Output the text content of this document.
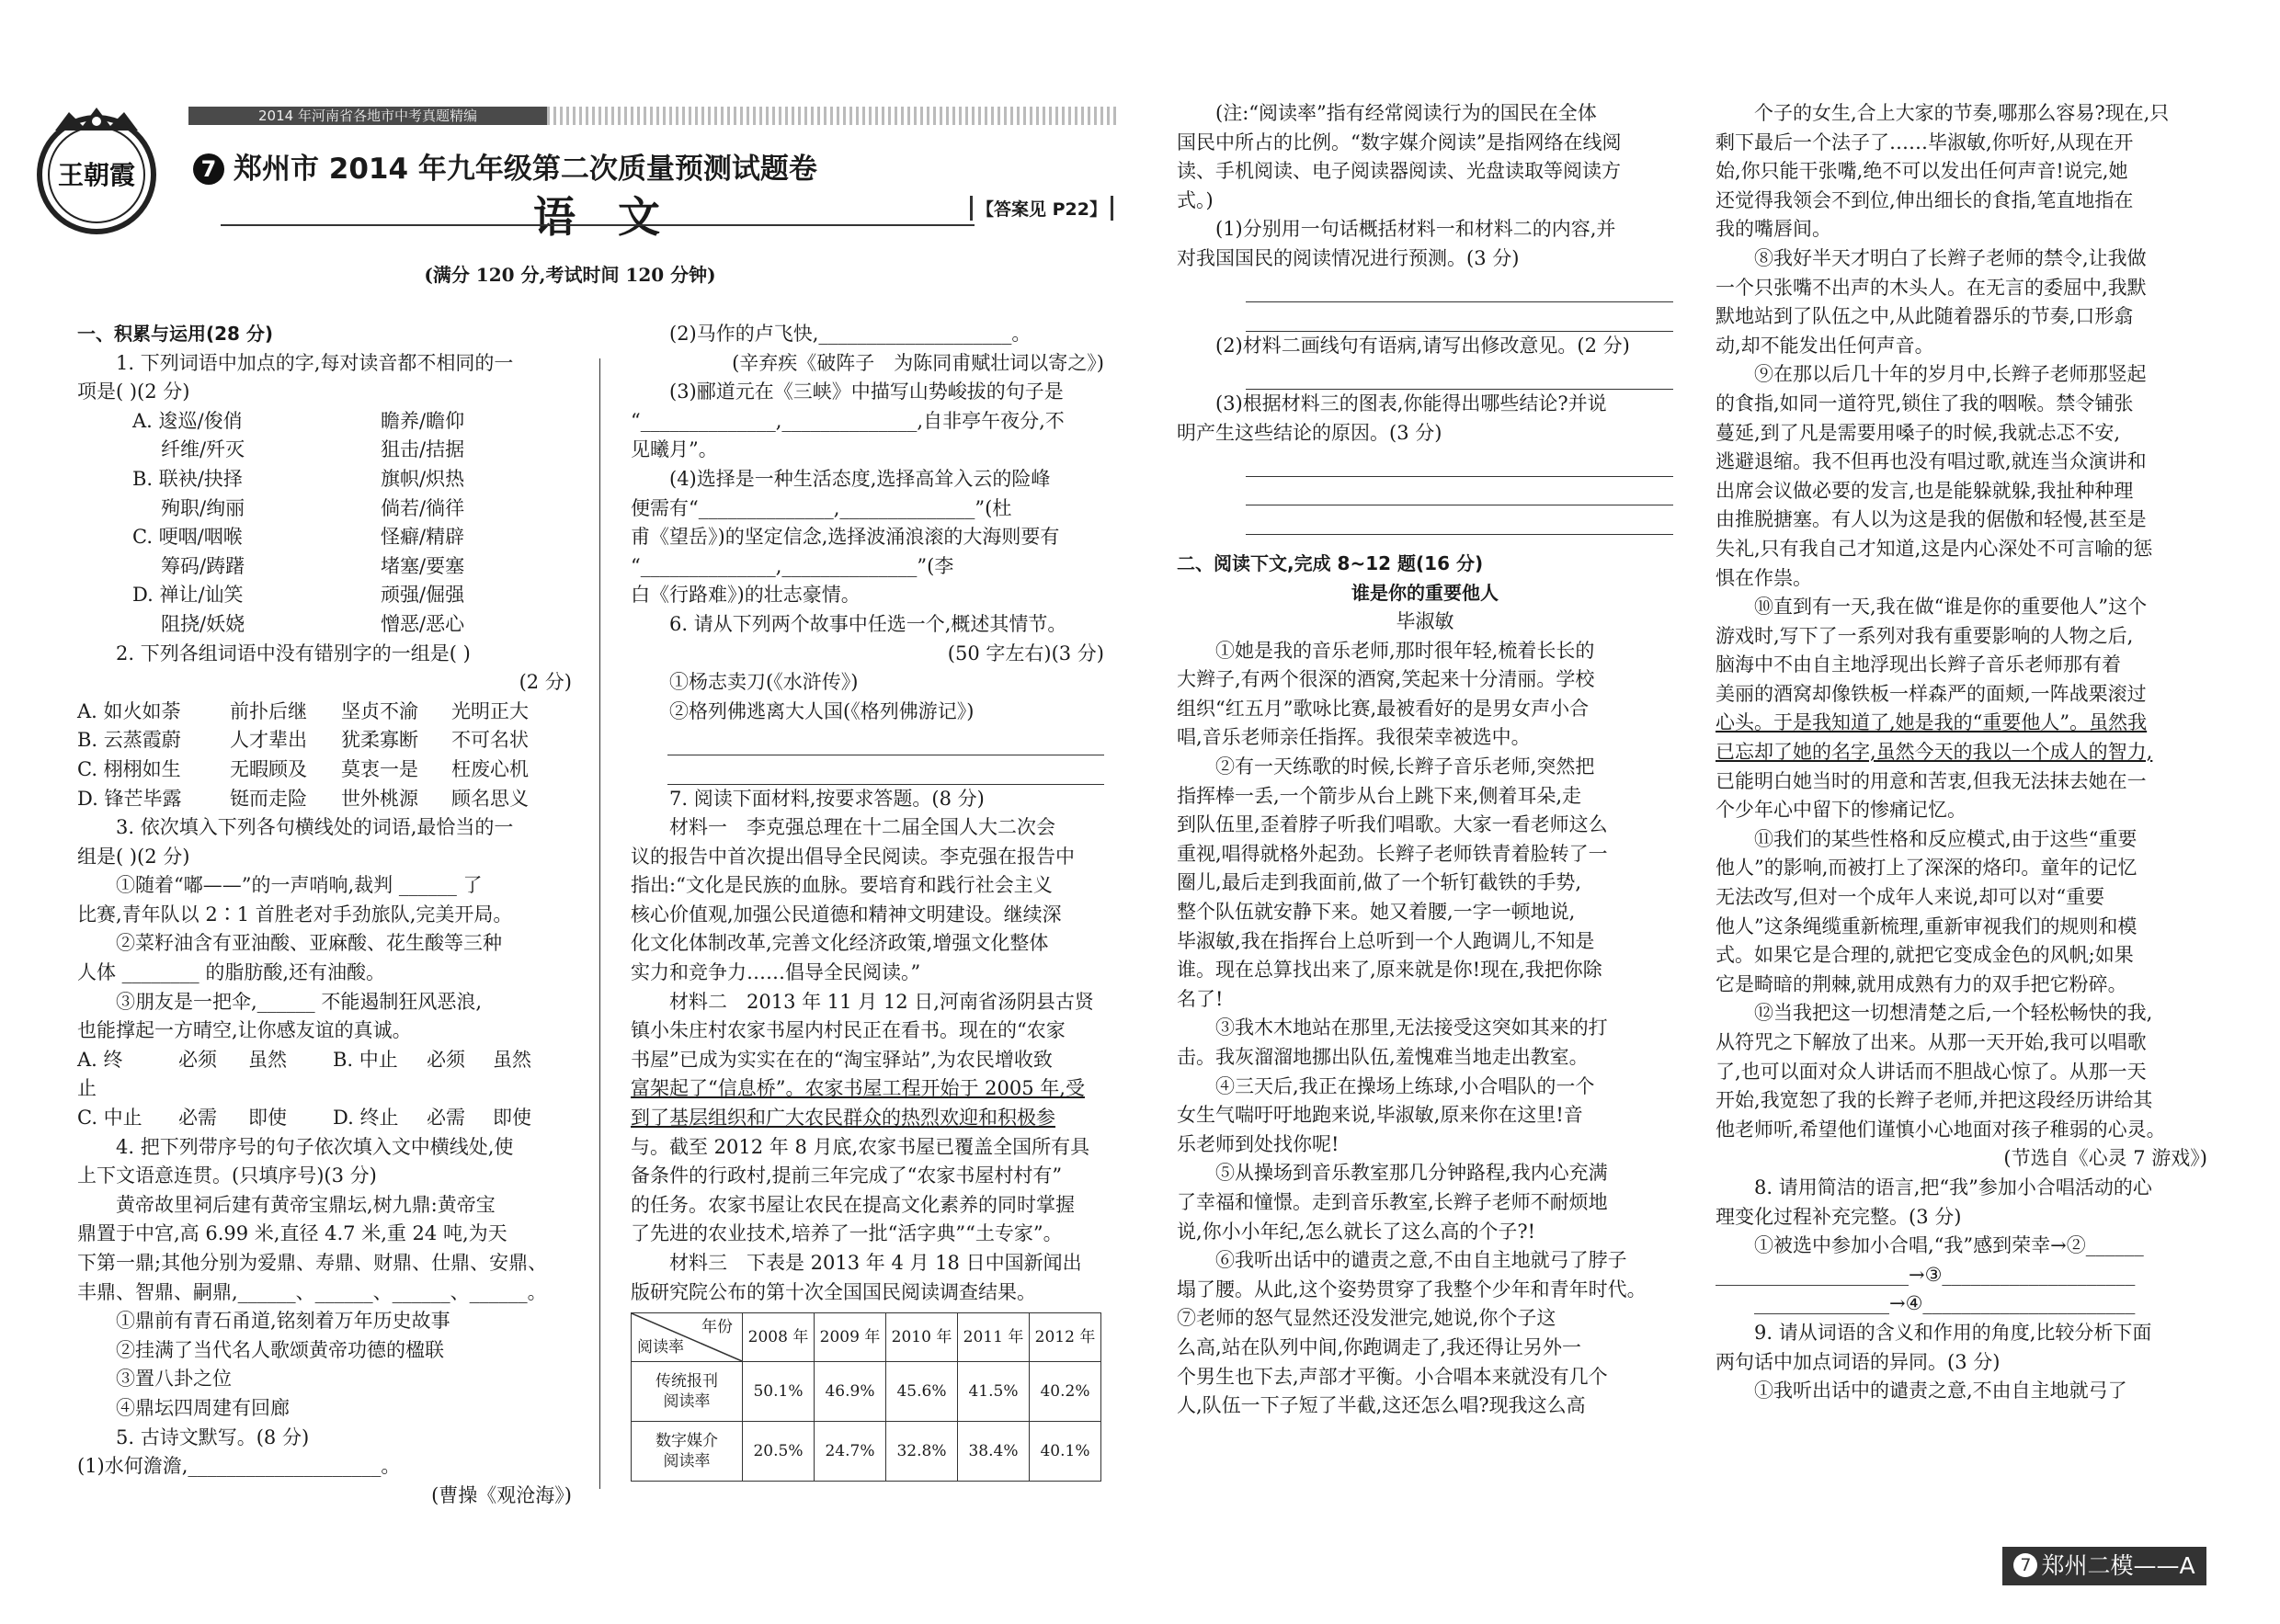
2014 年河南省各地市中考真题精编
王朝霞	7 郑州市 2014 年九年级第二次质量预测试题卷
语文	【答案见 P22】
(满分 120 分,考试时间 120 分钟)

一、积累与运用(28 分)

1. 下列词语中加点的字,每对读音都不相同的一

项是( )(2 分)

A. 逡巡/俊俏	瞻养/瞻仰
纤维/歼灭	狙击/拮据
B. 联袂/抉择	旗帜/炽热
殉职/绚丽	倘若/徜徉
C. 哽咽/咽喉	怪癖/精辟
筹码/踌躇	堵塞/要塞
D. 禅让/讪笑	顽强/倔强
阻挠/妖娆	憎恶/恶心

2. 下列各组词语中没有错别字的一组是( )

(2 分)

A. 如火如荼	前扑后继	坚贞不渝	光明正大
B. 云蒸霞蔚	人才辈出	犹柔寡断	不可名状
C. 栩栩如生	无暇顾及	莫衷一是	枉废心机
D. 锋芒毕露	铤而走险	世外桃源	顾名思义

3. 依次填入下列各句横线处的词语,最恰当的一

组是( )(2 分)

①随着“嘟——”的一声哨响,裁判 ______ 了

比赛,青年队以 2∶1 首胜老对手劲旅队,完美开局。

②菜籽油含有亚油酸、亚麻酸、花生酸等三种

人体 ________ 的脂肪酸,还有油酸。

③朋友是一把伞,______ 不能遏制狂风恶浪,

也能撑起一方晴空,让你感友谊的真诚。

A. 终止
必须	虽然	B. 中止	必须	虽然
C. 中止	必需	即使	D. 终止	必需	即使

4. 把下列带序号的句子依次填入文中横线处,使

上下文语意连贯。(只填序号)(3 分)

黄帝故里祠后建有黄帝宝鼎坛,树九鼎:黄帝宝

鼎置于中宫,高 6.99 米,直径 4.7 米,重 24 吨,为天

下第一鼎;其他分别为爱鼎、寿鼎、财鼎、仕鼎、安鼎、

丰鼎、智鼎、嗣鼎,______、______、______、______。

①鼎前有青石甬道,铭刻着万年历史故事

②挂满了当代名人歌颂黄帝功德的楹联

③置八卦之位

④鼎坛四周建有回廊

5. 古诗文默写。(8 分)

(1)水何澹澹,____________________。

(曹操《观沧海》)

(2)马作的卢飞快,____________________。

(辛弃疾《破阵子　为陈同甫赋壮词以寄之》)

(3)郦道元在《三峡》中描写山势峻拔的句子是

“______________,______________,自非亭午夜分,不

见曦月”。

(4)选择是一种生活态度,选择高耸入云的险峰

便需有“______________,______________”(杜

甫《望岳》)的坚定信念,选择波涌浪滚的大海则要有

“______________,______________”(李

白《行路难》)的壮志豪情。

6. 请从下列两个故事中任选一个,概述其情节。

(50 字左右)(3 分)

①杨志卖刀(《水浒传》)

②格列佛逃离大人国(《格列佛游记》)

7. 阅读下面材料,按要求答题。(8 分)

材料一　李克强总理在十二届全国人大二次会

议的报告中首次提出倡导全民阅读。李克强在报告中

指出:“文化是民族的血脉。要培育和践行社会主义

核心价值观,加强公民道德和精神文明建设。继续深

化文化体制改革,完善文化经济政策,增强文化整体

实力和竞争力……倡导全民阅读。”

材料二　2013 年 11 月 12 日,河南省汤阴县古贤

镇小朱庄村农家书屋内村民正在看书。现在的“农家

书屋”已成为实实在在的“淘宝驿站”,为农民增收致

富架起了“信息桥”。农家书屋工程开始于 2005 年,受

到了基层组织和广大农民群众的热烈欢迎和积极参

与。截至 2012 年 8 月底,农家书屋已覆盖全国所有具

备条件的行政村,提前三年完成了“农家书屋村村有”

的任务。农家书屋让农民在提高文化素养的同时掌握

了先进的农业技术,培养了一批“活字典”“土专家”。

材料三　下表是 2013 年 4 月 18 日中国新闻出

版研究院公布的第十次全国国民阅读调查结果。

年份
阅读率	2008 年	2009 年	2010 年	2011 年	2012 年
传统报刊
阅读率	50.1%	46.9%	45.6%	41.5%	40.2%
数字媒介
阅读率	20.5%	24.7%	32.8%	38.4%	40.1%

(注:“阅读率”指有经常阅读行为的国民在全体

国民中所占的比例。“数字媒介阅读”是指网络在线阅

读、手机阅读、电子阅读器阅读、光盘读取等阅读方

式。)

(1)分别用一句话概括材料一和材料二的内容,并

对我国国民的阅读情况进行预测。(3 分)

(2)材料二画线句有语病,请写出修改意见。(2 分)

(3)根据材料三的图表,你能得出哪些结论?并说

明产生这些结论的原因。(3 分)

二、阅读下文,完成 8~12 题(16 分)

谁是你的重要他人

毕淑敏

①她是我的音乐老师,那时很年轻,梳着长长的

大辫子,有两个很深的酒窝,笑起来十分清丽。学校

组织“红五月”歌咏比赛,最被看好的是男女声小合

唱,音乐老师亲任指挥。我很荣幸被选中。

②有一天练歌的时候,长辫子音乐老师,突然把

指挥棒一丢,一个箭步从台上跳下来,侧着耳朵,走

到队伍里,歪着脖子听我们唱歌。大家一看老师这么

重视,唱得就格外起劲。长辫子老师铁青着脸转了一

圈儿,最后走到我面前,做了一个斩钉截铁的手势,

整个队伍就安静下来。她又着腰,一字一顿地说,

毕淑敏,我在指挥台上总听到一个人跑调儿,不知是

谁。现在总算找出来了,原来就是你!现在,我把你除

名了!

③我木木地站在那里,无法接受这突如其来的打

击。我灰溜溜地挪出队伍,羞愧难当地走出教室。

④三天后,我正在操场上练球,小合唱队的一个

女生气喘吁吁地跑来说,毕淑敏,原来你在这里!音

乐老师到处找你呢!

⑤从操场到音乐教室那几分钟路程,我内心充满

了幸福和憧憬。走到音乐教室,长辫子老师不耐烦地

说,你小小年纪,怎么就长了这么高的个子?!

⑥我听出话中的谴责之意,不由自主地就弓了脖子

塌了腰。从此,这个姿势贯穿了我整个少年和青年时代。

⑦老师的怒气显然还没发泄完,她说,你个子这

么高,站在队列中间,你跑调走了,我还得让另外一

个男生也下去,声部才平衡。小合唱本来就没有几个

人,队伍一下子短了半截,这还怎么唱?现我这么高

个子的女生,合上大家的节奏,哪那么容易?现在,只

剩下最后一个法子了……毕淑敏,你听好,从现在开

始,你只能干张嘴,绝不可以发出任何声音!说完,她

还觉得我领会不到位,伸出细长的食指,笔直地指在

我的嘴唇间。

⑧我好半天才明白了长辫子老师的禁令,让我做

一个只张嘴不出声的木头人。在无言的委屈中,我默

默地站到了队伍之中,从此随着器乐的节奏,口形翕

动,却不能发出任何声音。

⑨在那以后几十年的岁月中,长辫子老师那竖起

的食指,如同一道符咒,锁住了我的咽喉。禁令铺张

蔓延,到了凡是需要用嗓子的时候,我就忐忑不安,

逃避退缩。我不但再也没有唱过歌,就连当众演讲和

出席会议做必要的发言,也是能躲就躲,我扯种种理

由推脱搪塞。有人以为这是我的倨傲和轻慢,甚至是

失礼,只有我自己才知道,这是内心深处不可言喻的惩

惧在作祟。

⑩直到有一天,我在做“谁是你的重要他人”这个

游戏时,写下了一系列对我有重要影响的人物之后,

脑海中不由自主地浮现出长辫子音乐老师那有着

美丽的酒窝却像铁板一样森严的面颊,一阵战栗滚过

心头。于是我知道了,她是我的“重要他人”。虽然我

已忘却了她的名字,虽然今天的我以一个成人的智力,

已能明白她当时的用意和苦衷,但我无法抹去她在一

个少年心中留下的惨痛记忆。

⑪我们的某些性格和反应模式,由于这些“重要

他人”的影响,而被打上了深深的烙印。童年的记忆

无法改写,但对一个成年人来说,却可以对“重要

他人”这条绳缆重新梳理,重新审视我们的规则和模

式。如果它是合理的,就把它变成金色的风帆;如果

它是畸暗的荆棘,就用成熟有力的双手把它粉碎。

⑫当我把这一切想清楚之后,一个轻松畅快的我,

从符咒之下解放了出来。从那一天开始,我可以唱歌

了,也可以面对众人讲话而不胆战心惊了。从那一天

开始,我宽恕了我的长辫子老师,并把这段经历讲给其

他老师听,希望他们谨慎小心地面对孩子稚弱的心灵。

(节选自《心灵 7 游戏》)

8. 请用简洁的语言,把“我”参加小合唱活动的心

理变化过程补充完整。(3 分)

①被选中参加小合唱,“我”感到荣幸→②______

____________________→③____________________

______________→④______________________

9. 请从词语的含义和作用的角度,比较分析下面

两句话中加点词语的异同。(3 分)

①我听出话中的谴责之意,不由自主地就弓了

7 郑州二模——A 面
